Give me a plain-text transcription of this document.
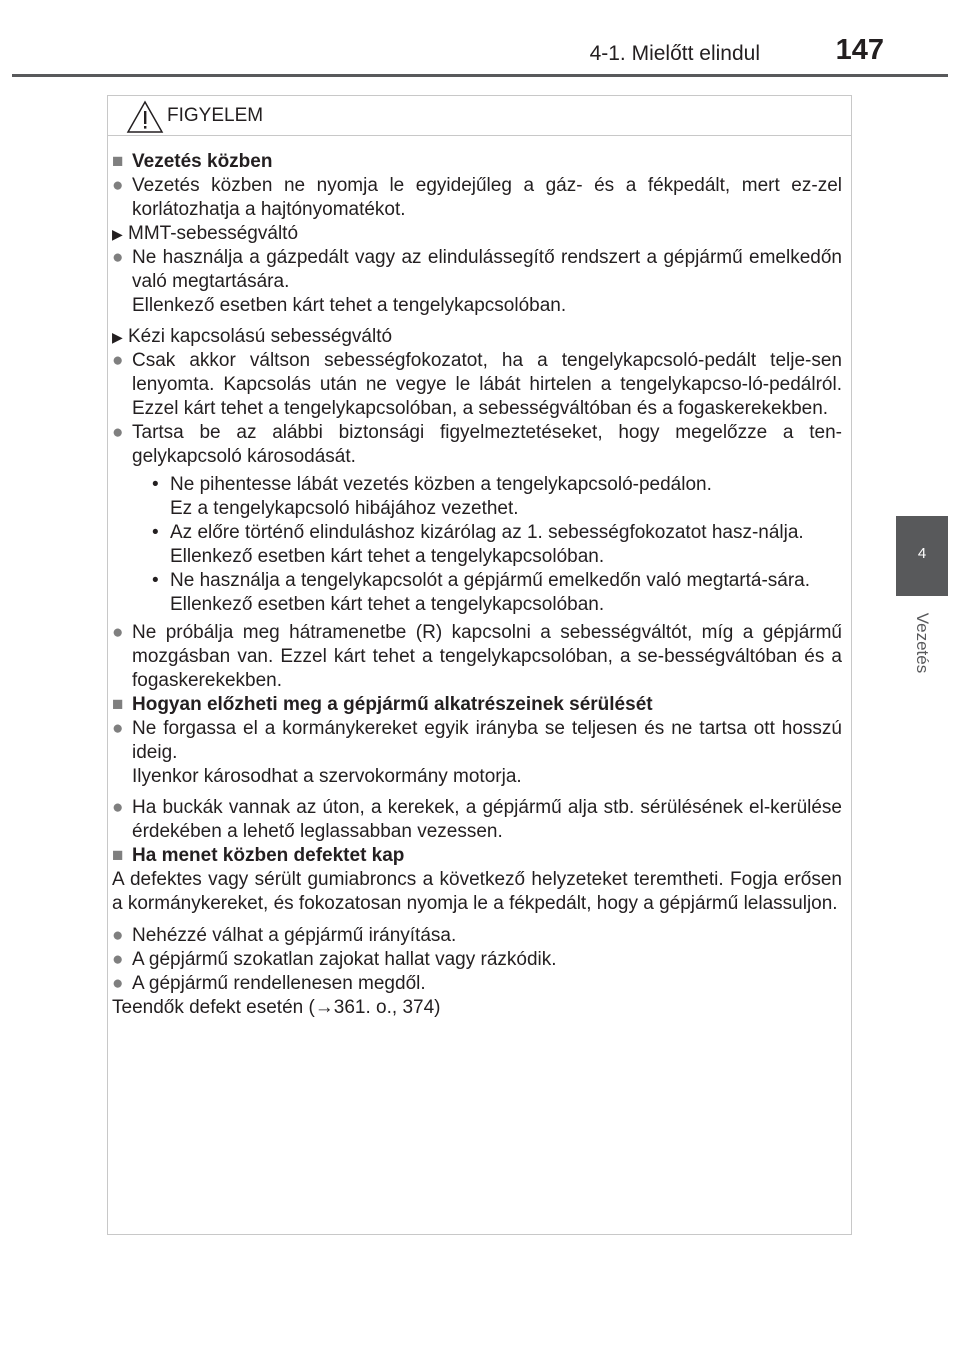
4-1. Mielőtt elindul	147
4
Vezetés
FIGYELEM

■ Vezetés közben

● Vezetés közben ne nyomja le egyidejűleg a gáz- és a fékpedált, mert ez-zel korlátozhatja a hajtónyomatékot.

▶ MMT-sebességváltó

● Ne használja a gázpedált vagy az elindulássegítő rendszert a gépjármű emelkedőn való megtartására.
Ellenkező esetben kárt tehet a tengelykapcsolóban.

▶ Kézi kapcsolású sebességváltó

● Csak akkor váltson sebességfokozatot, ha a tengelykapcsoló-pedált telje-sen lenyomta. Kapcsolás után ne vegye le lábát hirtelen a tengelykapcso-ló-pedálról. Ezzel kárt tehet a tengelykapcsolóban, a sebességváltóban és a fogaskerekekben.

● Tartsa be az alábbi biztonsági figyelmeztetéseket, hogy megelőzze a ten-gelykapcsoló károsodását.

• Ne pihentesse lábát vezetés közben a tengelykapcsoló-pedálon.
Ez a tengelykapcsoló hibájához vezethet.
• Az előre történő elinduláshoz kizárólag az 1. sebességfokozatot hasz-nálja.
Ellenkező esetben kárt tehet a tengelykapcsolóban.
• Ne használja a tengelykapcsolót a gépjármű emelkedőn való megtartá-sára.
Ellenkező esetben kárt tehet a tengelykapcsolóban.

● Ne próbálja meg hátramenetbe (R) kapcsolni a sebességváltót, míg a gépjármű mozgásban van. Ezzel kárt tehet a tengelykapcsolóban, a se-bességváltóban és a fogaskerekekben.

■ Hogyan előzheti meg a gépjármű alkatrészeinek sérülését

● Ne forgassa el a kormánykereket egyik irányba se teljesen és ne tartsa ott hosszú ideig.
Ilyenkor károsodhat a szervokormány motorja.

● Ha buckák vannak az úton, a kerekek, a gépjármű alja stb. sérülésének el-kerülése érdekében a lehető leglassabban vezessen.

■ Ha menet közben defektet kap

A defektes vagy sérült gumiabroncs a következő helyzeteket teremtheti. Fogja erősen a kormánykereket, és fokozatosan nyomja le a fékpedált, hogy a gépjármű lelassuljon.

● Nehézzé válhat a gépjármű irányítása.

● A gépjármű szokatlan zajokat hallat vagy rázkódik.

● A gépjármű rendellenesen megdől.

Teendők defekt esetén (→361. o., 374)
